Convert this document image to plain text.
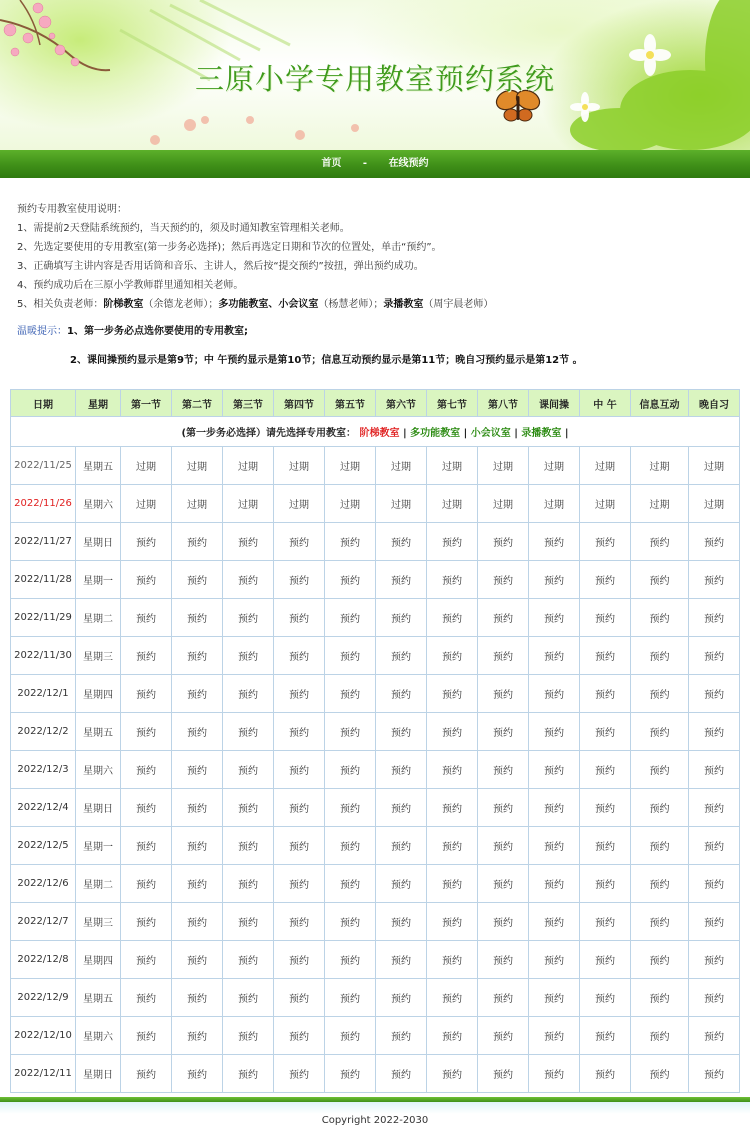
三原小学专用教室预约系统
首页 - 在线预约
预约专用教室使用说明：
1、需提前2天登陆系统预约，当天预约的，须及时通知教室管理相关老师。
2、先选定要使用的专用教室(第一步务必选择)；然后再选定日期和节次的位置处，单击“预约”。
3、正确填写主讲内容是否用话筒和音乐、主讲人，然后按“提交预约”按扭，弹出预约成功。
4、预约成功后在三原小学教师群里通知相关老师。
5、相关负责老师：阶梯教室（余德龙老师）；多功能教室、小会议室（杨慧老师）；录播教室（周宇晨老师）
温暖提示：1、第一步务必点选你要使用的专用教室;
2、课间操预约显示是第9节；中 午预约显示是第10节；信息互动预约显示是第11节；晚自习预约显示是第12节 。
(第一步务必选择）请先选择专用教室： 阶梯教室 | 多功能教室 | 小会议室 | 录播教室 |													
日期	星期	第一节	第二节	第三节	第四节	第五节	第六节	第七节	第八节	课间操	中 午	信息互动	晚自习
2022/11/25	星期五	过期	过期	过期	过期	过期	过期	过期	过期	过期	过期	过期	过期
2022/11/26	星期六	过期	过期	过期	过期	过期	过期	过期	过期	过期	过期	过期	过期
2022/11/27	星期日	预约	预约	预约	预约	预约	预约	预约	预约	预约	预约	预约	预约
2022/11/28	星期一	预约	预约	预约	预约	预约	预约	预约	预约	预约	预约	预约	预约
2022/11/29	星期二	预约	预约	预约	预约	预约	预约	预约	预约	预约	预约	预约	预约
2022/11/30	星期三	预约	预约	预约	预约	预约	预约	预约	预约	预约	预约	预约	预约
2022/12/1	星期四	预约	预约	预约	预约	预约	预约	预约	预约	预约	预约	预约	预约
2022/12/2	星期五	预约	预约	预约	预约	预约	预约	预约	预约	预约	预约	预约	预约
2022/12/3	星期六	预约	预约	预约	预约	预约	预约	预约	预约	预约	预约	预约	预约
2022/12/4	星期日	预约	预约	预约	预约	预约	预约	预约	预约	预约	预约	预约	预约
2022/12/5	星期一	预约	预约	预约	预约	预约	预约	预约	预约	预约	预约	预约	预约
2022/12/6	星期二	预约	预约	预约	预约	预约	预约	预约	预约	预约	预约	预约	预约
2022/12/7	星期三	预约	预约	预约	预约	预约	预约	预约	预约	预约	预约	预约	预约
2022/12/8	星期四	预约	预约	预约	预约	预约	预约	预约	预约	预约	预约	预约	预约
2022/12/9	星期五	预约	预约	预约	预约	预约	预约	预约	预约	预约	预约	预约	预约
2022/12/10	星期六	预约	预约	预约	预约	预约	预约	预约	预约	预约	预约	预约	预约
2022/12/11	星期日	预约	预约	预约	预约	预约	预约	预约	预约	预约	预约	预约	预约
Copyright 2022-2030
